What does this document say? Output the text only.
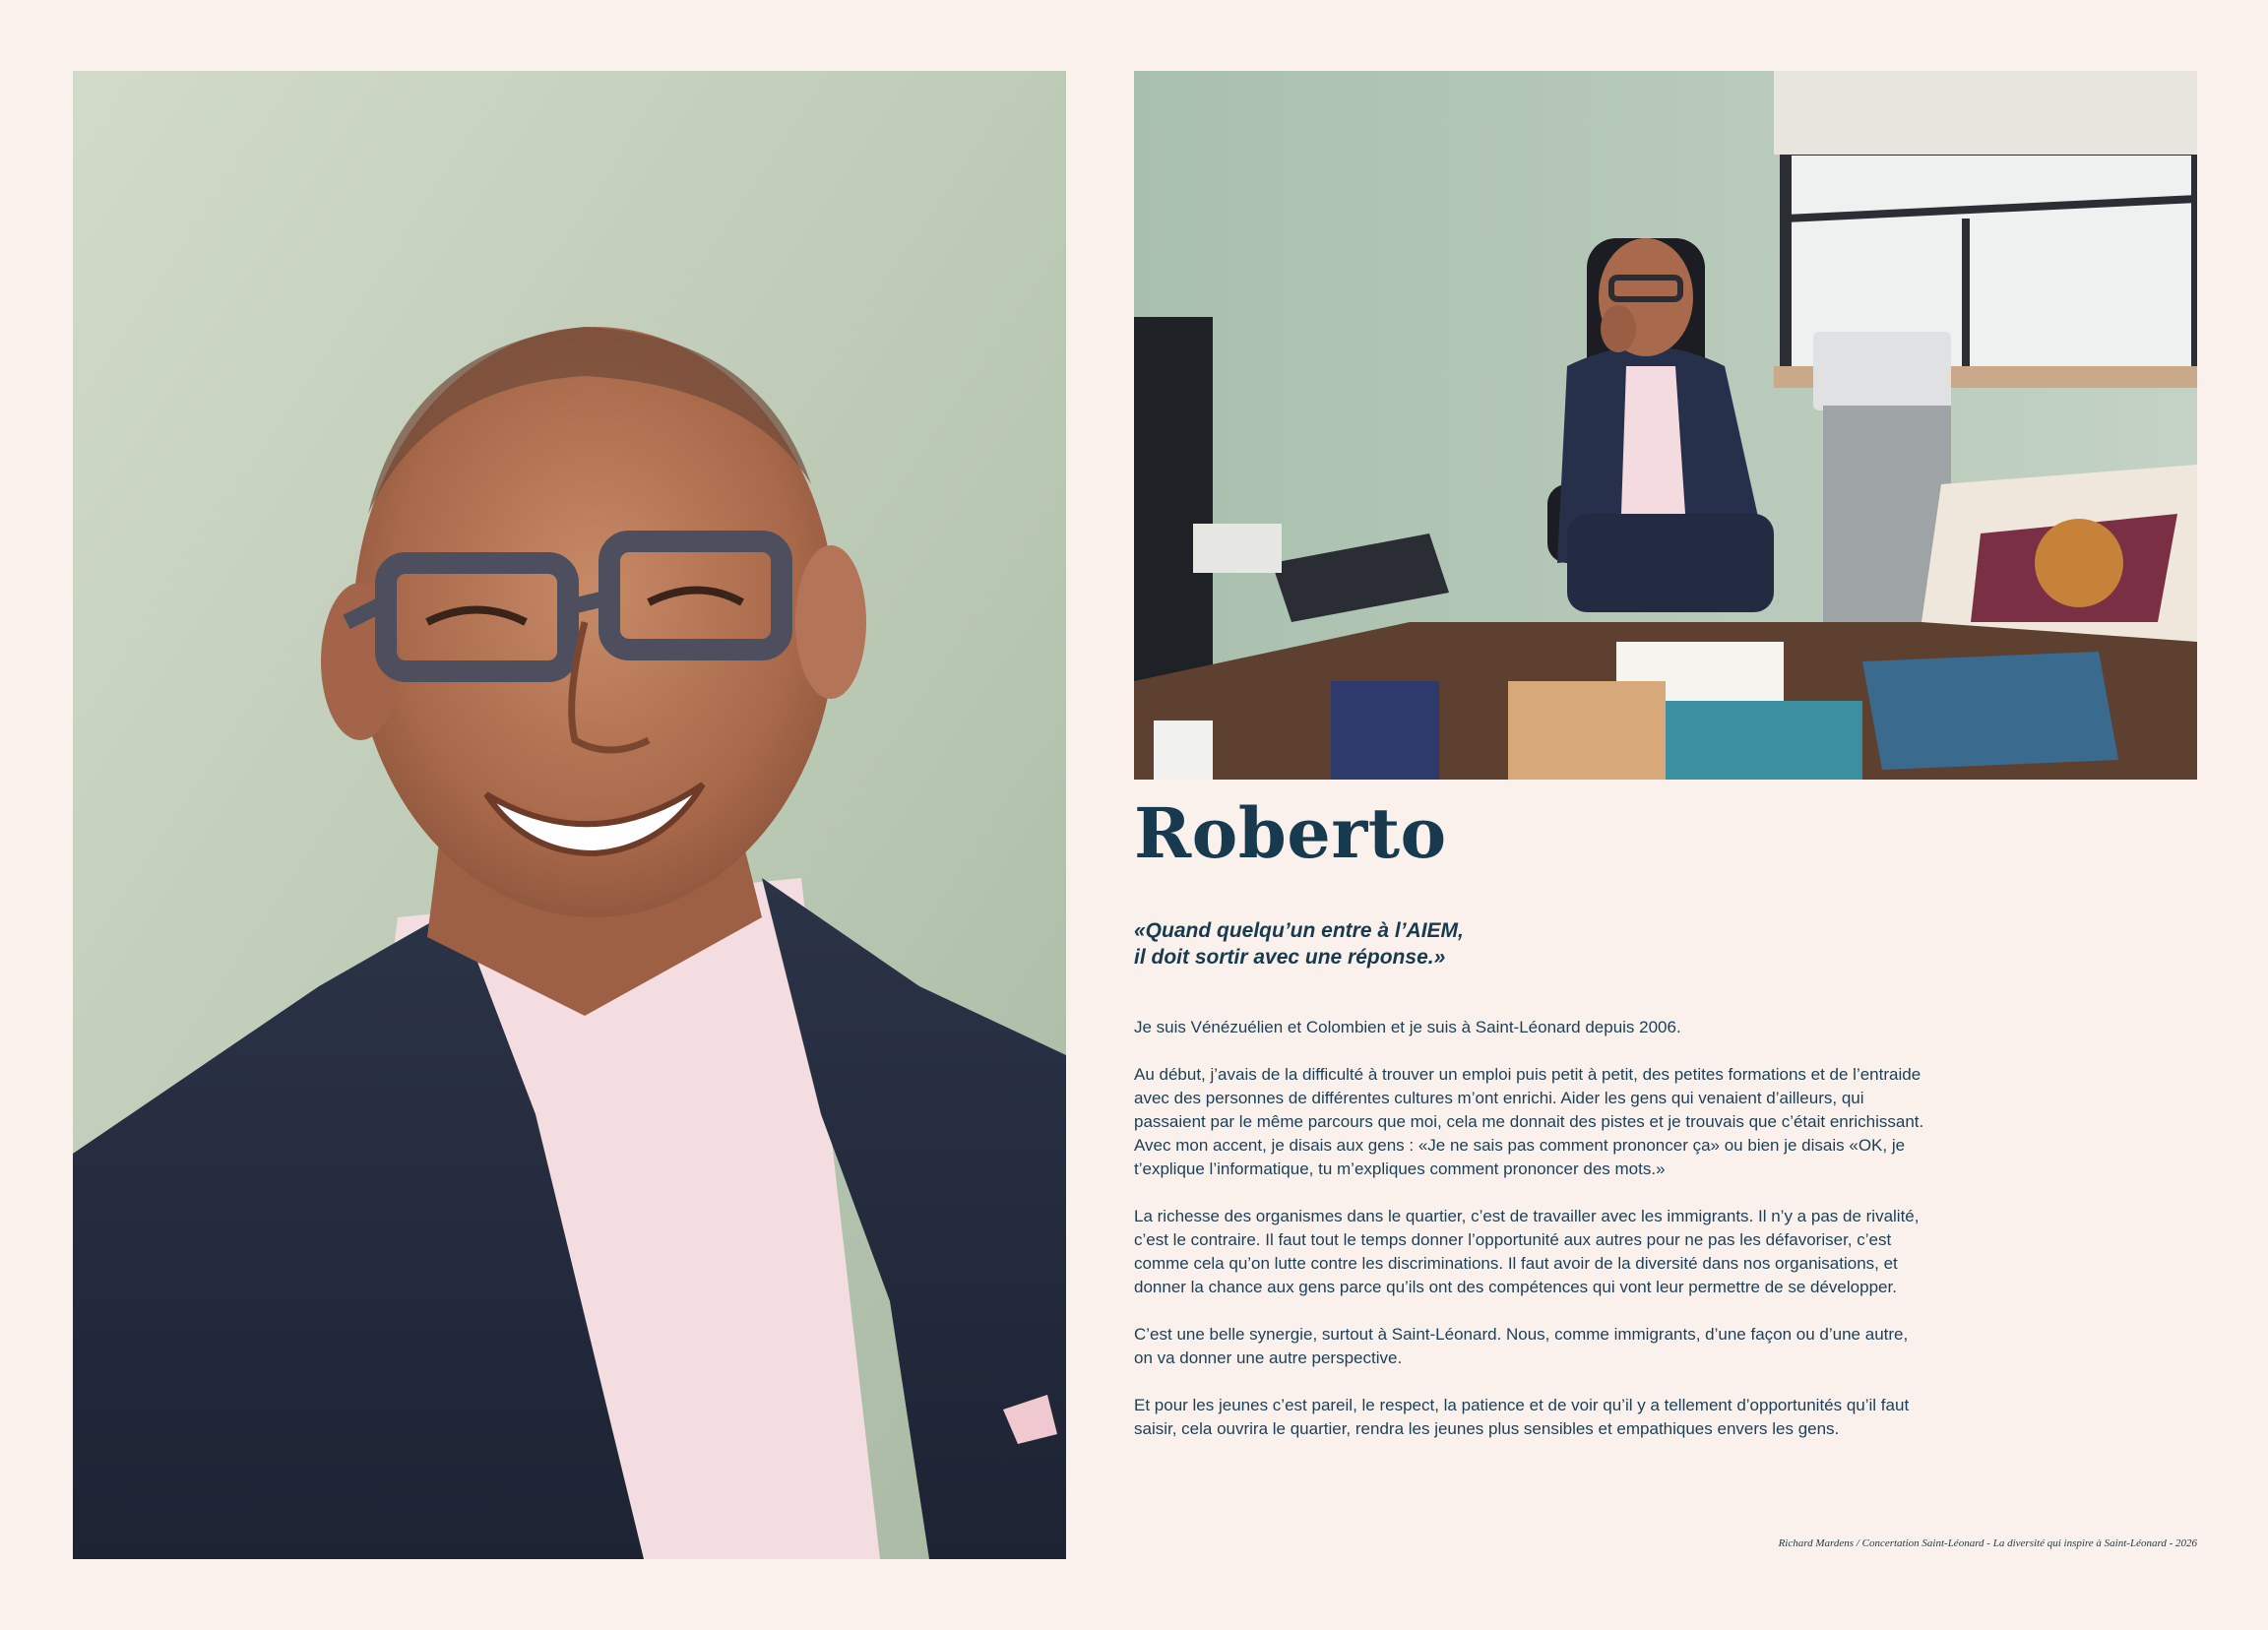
Roberto

«Quand quelqu’un entre à l’AIEM,
il doit sortir avec une réponse.»

Je suis Vénézuélien et Colombien et je suis à Saint-Léonard depuis 2006.

Au début, j’avais de la difficulté à trouver un emploi puis petit à petit, des petites formations et de l’entraide
avec des personnes de différentes cultures m’ont enrichi. Aider les gens qui venaient d’ailleurs, qui
passaient par le même parcours que moi, cela me donnait des pistes et je trouvais que c’était enrichissant.
Avec mon accent, je disais aux gens : «Je ne sais pas comment prononcer ça» ou bien je disais «OK, je
t’explique l’informatique, tu m’expliques comment prononcer des mots.»

La richesse des organismes dans le quartier, c’est de travailler avec les immigrants. Il n’y a pas de rivalité,
c’est le contraire. Il faut tout le temps donner l’opportunité aux autres pour ne pas les défavoriser, c’est
comme cela qu’on lutte contre les discriminations. Il faut avoir de la diversité dans nos organisations, et
donner la chance aux gens parce qu’ils ont des compétences qui vont leur permettre de se développer.

C’est une belle synergie, surtout à Saint-Léonard. Nous, comme immigrants, d’une façon ou d’une autre,
on va donner une autre perspective.

Et pour les jeunes c’est pareil, le respect, la patience et de voir qu’il y a tellement d’opportunités qu’il faut
saisir, cela ouvrira le quartier, rendra les jeunes plus sensibles et empathiques envers les gens.

Richard Mardens / Concertation Saint-Léonard - La diversité qui inspire à Saint-Léonard - 2026
